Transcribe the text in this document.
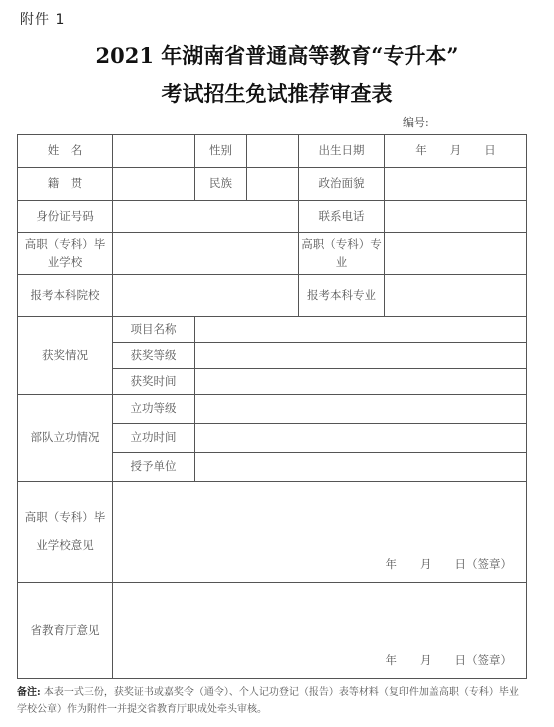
附件 1
2021 年湖南省普通高等教育“专升本”
考试招生免试推荐审查表
编号:
姓　名		性别		出生日期	年　　月　　日
籍　贯		民族		政治面貌	
身份证号码				联系电话	
高职（专科）毕业学校				高职（专科）专业	
报考本科院校				报考本科专业	
获奖情况	项目名称				
	获奖等级				
	获奖时间				
部队立功情况	立功等级				
	立功时间				
	授予单位				
高职（专科）毕业学校意见	年　　月　　日（签章）				

省教育厅意见	年　　月　　日（签章）				
备注: 本表一式三份，获奖证书或嘉奖令（通令）、个人记功登记（报告）表等材料（复印件加盖高职（专科）毕业学校公章）作为附件一并提交省教育厅职成处牵头审核。
